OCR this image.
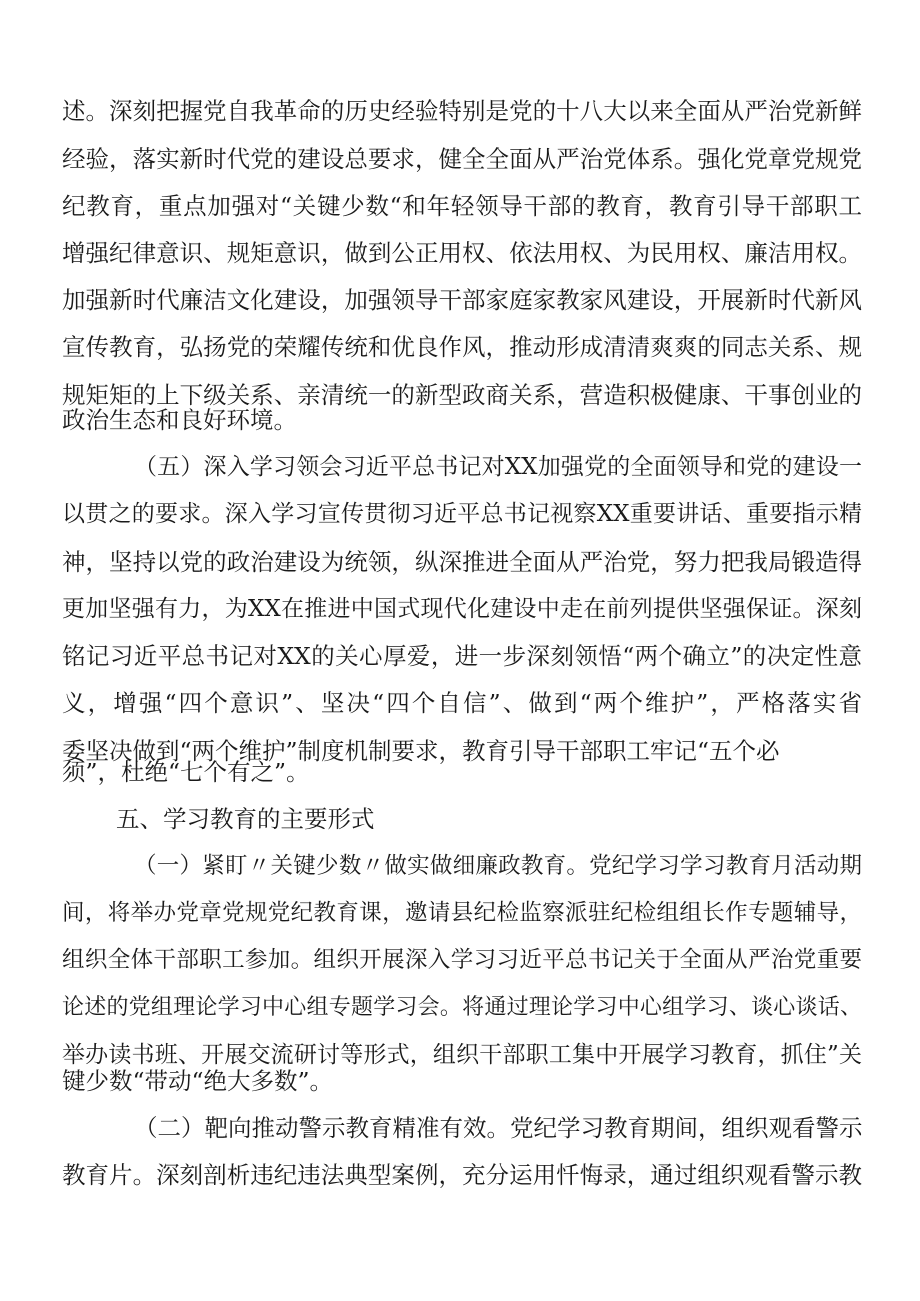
述。深刻把握党自我革命的历史经验特别是党的十八大以来全面从严治党新鲜
经验，落实新时代党的建设总要求，健全全面从严治党体系。强化党章党规党
纪教育，重点加强对“关键少数“和年轻领导干部的教育，教育引导干部职工
增强纪律意识、规矩意识，做到公正用权、依法用权、为民用权、廉洁用权。
加强新时代廉洁文化建设，加强领导干部家庭家教家风建设，开展新时代新风
宣传教育，弘扬党的荣耀传统和优良作风，推动形成清清爽爽的同志关系、规
规矩矩的上下级关系、亲清统一的新型政商关系，营造积极健康、干事创业的
政治生态和良好环境。
（五）深入学习领会习近平总书记对XX加强党的全面领导和党的建设一
以贯之的要求。深入学习宣传贯彻习近平总书记视察XX重要讲话、重要指示精
神，坚持以党的政治建设为统领，纵深推进全面从严治党，努力把我局锻造得
更加坚强有力，为XX在推进中国式现代化建设中走在前列提供坚强保证。深刻
铭记习近平总书记对XX的关心厚爱，进一步深刻领悟“两个确立”的决定性意
义，增强“四个意识”、坚决“四个自信”、做到“两个维护”，严格落实省
委坚决做到“两个维护”制度机制要求，教育引导干部职工牢记“五个必
须”，杜绝“七个有之”。
五、学习教育的主要形式
（一）紧盯〃关键少数〃做实做细廉政教育。党纪学习学习教育月活动期
间，将举办党章党规党纪教育课，邀请县纪检监察派驻纪检组组长作专题辅导，
组织全体干部职工参加。组织开展深入学习习近平总书记关于全面从严治党重要
论述的党组理论学习中心组专题学习会。将通过理论学习中心组学习、谈心谈话、
举办读书班、开展交流研讨等形式，组织干部职工集中开展学习教育，抓住”关
键少数“带动“绝大多数”。
（二）靶向推动警示教育精准有效。党纪学习教育期间，组织观看警示
教育片。深刻剖析违纪违法典型案例，充分运用忏悔录，通过组织观看警示教
